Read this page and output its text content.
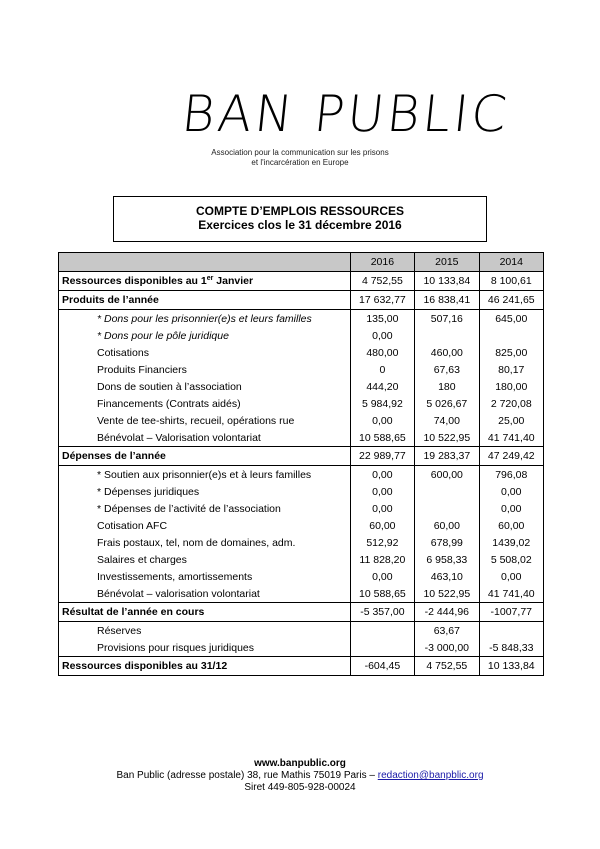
BAN PUBLIC
Association pour la communication sur les prisons
et l'incarcération en Europe
COMPTE D’EMPLOIS RESSOURCES
Exercices clos le 31 décembre 2016
	2016	2015	2014
Ressources disponibles au 1er Janvier	4 752,55	10 133,84	8 100,61
Produits de l’année	17 632,77	16 838,41	46 241,65
* Dons pour les prisonnier(e)s et leurs familles	135,00	507,16	645,00
* Dons pour le pôle juridique	0,00		
Cotisations	480,00	460,00	825,00
Produits Financiers	0	67,63	80,17
Dons de soutien à l’association	444,20	180	180,00
Financements (Contrats aidés)	5 984,92	5 026,67	2 720,08
Vente de tee-shirts, recueil, opérations rue	0,00	74,00	25,00
Bénévolat – Valorisation volontariat	10 588,65	10 522,95	41 741,40
Dépenses de l’année	22 989,77	19 283,37	47 249,42
* Soutien aux prisonnier(e)s et à leurs familles	0,00	600,00	796,08
* Dépenses juridiques	0,00		0,00
* Dépenses de l’activité de l’association	0,00		0,00
Cotisation AFC	60,00	60,00	60,00
Frais postaux, tel, nom de domaines, adm.	512,92	678,99	1439,02
Salaires et charges	11 828,20	6 958,33	5 508,02
Investissements, amortissements	0,00	463,10	0,00
Bénévolat – valorisation volontariat	10 588,65	10 522,95	41 741,40
Résultat de l’année en cours	-5 357,00	-2 444,96	-1007,77
Réserves		63,67	
Provisions pour risques juridiques		-3 000,00	-5 848,33
Ressources disponibles au 31/12	-604,45	4 752,55	10 133,84
www.banpublic.org
Ban Public (adresse postale) 38, rue Mathis 75019 Paris – redaction@banpblic.org
Siret 449-805-928-00024
